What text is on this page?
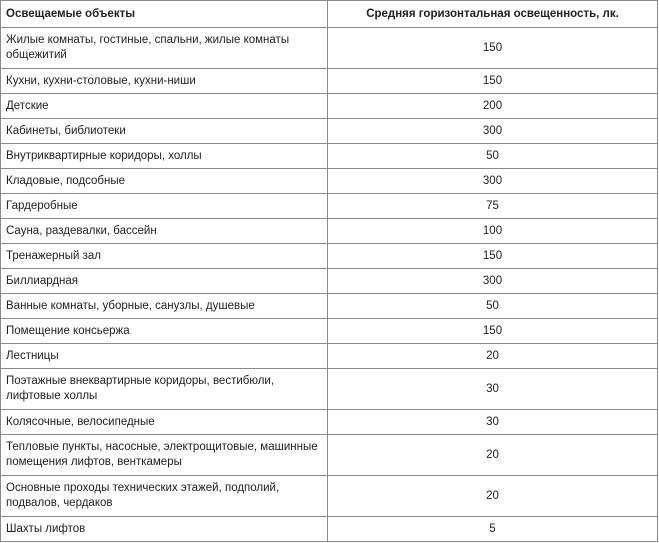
Освещаемые объекты	Средняя горизонтальная освещенность, лк.
Жилые комнаты, гостиные, спальни, жилые комнаты общежитий	150
Кухни, кухни-столовые, кухни-ниши	150
Детские	200
Кабинеты, библиотеки	300
Внутриквартирные коридоры, холлы	50
Кладовые, подсобные	300
Гардеробные	75
Сауна, раздевалки, бассейн	100
Тренажерный зал	150
Биллиардная	300
Ванные комнаты, уборные, санузлы, душевые	50
Помещение консьержа	150
Лестницы	20
Поэтажные внеквартирные коридоры, вестибюли, лифтовые холлы	30
Колясочные, велосипедные	30
Тепловые пункты, насосные, электрощитовые, машинные помещения лифтов, венткамеры	20
Основные проходы технических этажей, подполий, подвалов, чердаков	20
Шахты лифтов	5
